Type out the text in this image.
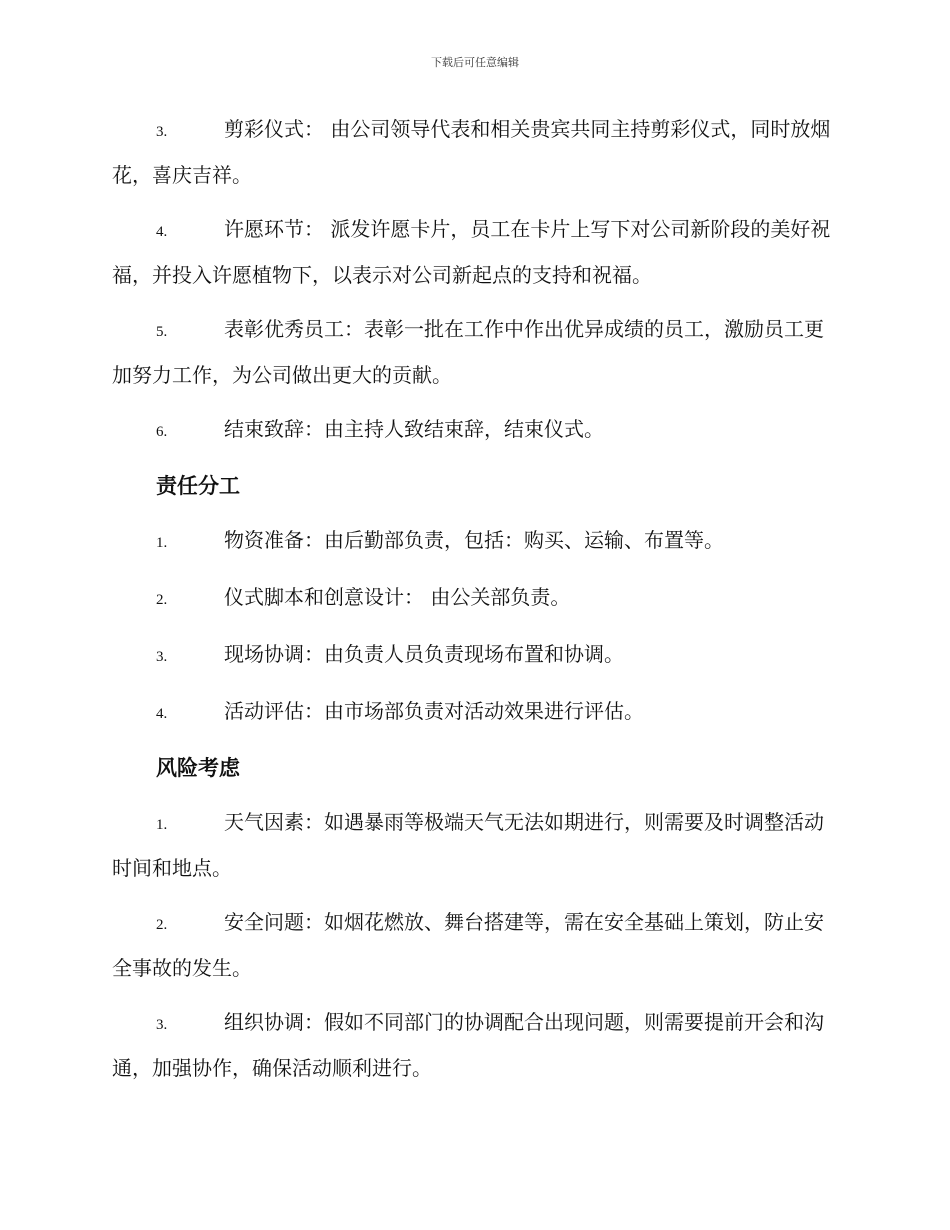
下载后可任意编辑

3.	剪彩仪式： 由公司领导代表和相关贵宾共同主持剪彩仪式，同时放烟花，喜庆吉祥。

4.	许愿环节： 派发许愿卡片，员工在卡片上写下对公司新阶段的美好祝福，并投入许愿植物下，以表示对公司新起点的支持和祝福。

5.	表彰优秀员工：表彰一批在工作中作出优异成绩的员工，激励员工更加努力工作，为公司做出更大的贡献。

6.	结束致辞：由主持人致结束辞，结束仪式。

责任分工

1.	物资准备：由后勤部负责，包括：购买、运输、布置等。

2.	仪式脚本和创意设计： 由公关部负责。

3.	现场协调：由负责人员负责现场布置和协调。

4.	活动评估：由市场部负责对活动效果进行评估。

风险考虑

1.	天气因素：如遇暴雨等极端天气无法如期进行，则需要及时调整活动时间和地点。

2.	安全问题：如烟花燃放、舞台搭建等，需在安全基础上策划，防止安全事故的发生。

3.	组织协调：假如不同部门的协调配合出现问题，则需要提前开会和沟通，加强协作，确保活动顺利进行。
